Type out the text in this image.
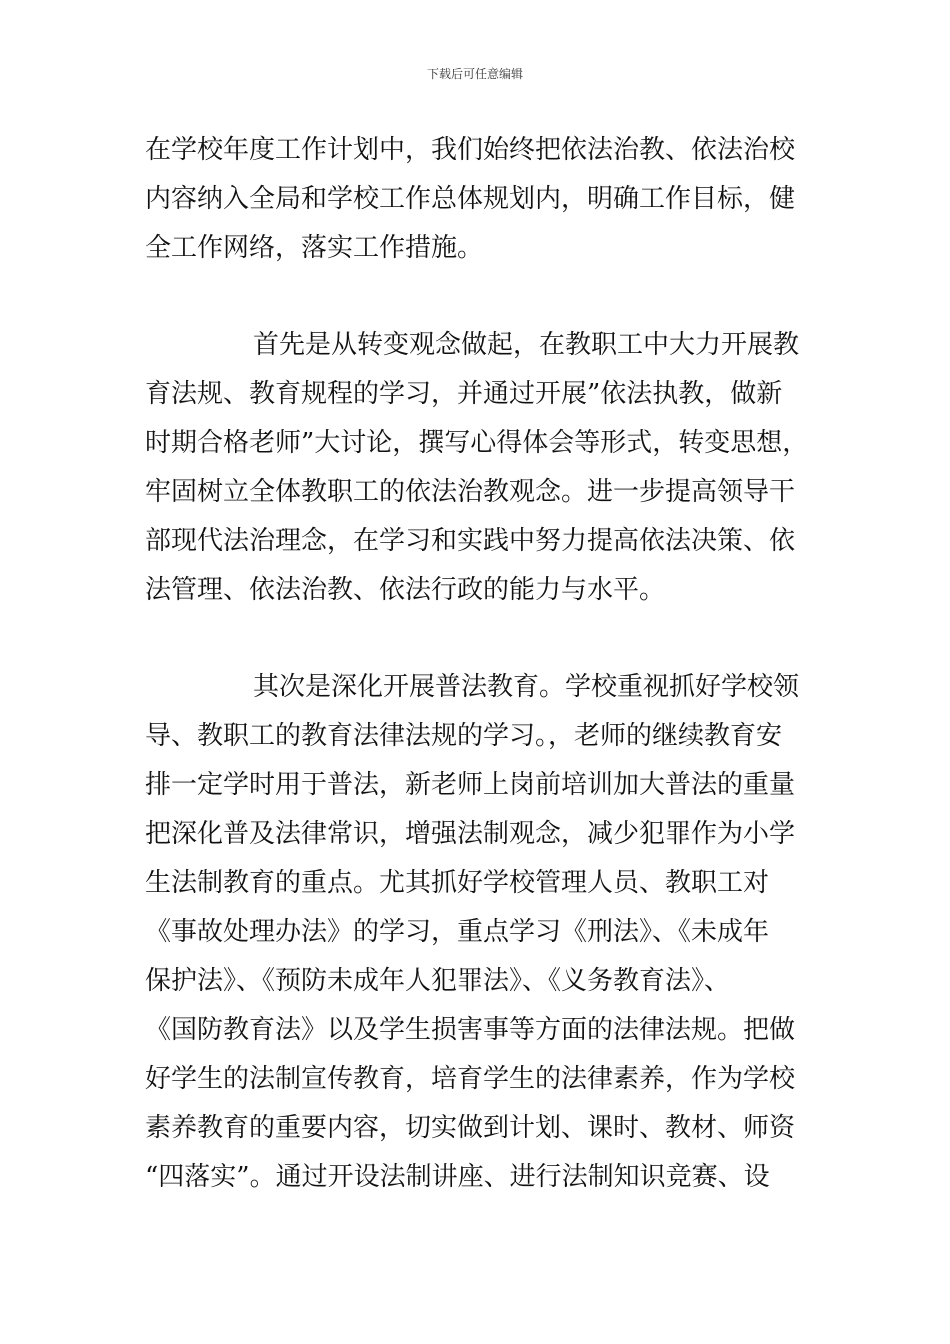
下载后可任意编辑
在学校年度工作计划中，我们始终把依法治教、依法治校
内容纳入全局和学校工作总体规划内，明确工作目标，健
全工作网络，落实工作措施。
首先是从转变观念做起，在教职工中大力开展教
育法规、教育规程的学习，并通过开展”依法执教，做新
时期合格老师”大讨论，撰写心得体会等形式，转变思想，
牢固树立全体教职工的依法治教观念。进一步提高领导干
部现代法治理念，在学习和实践中努力提高依法决策、依
法管理、依法治教、依法行政的能力与水平。
其次是深化开展普法教育。学校重视抓好学校领
导、教职工的教育法律法规的学习。，老师的继续教育安
排一定学时用于普法，新老师上岗前培训加大普法的重量
把深化普及法律常识，增强法制观念，减少犯罪作为小学
生法制教育的重点。尤其抓好学校管理人员、教职工对
《事故处理办法》的学习，重点学习《刑法》、《未成年
保护法》、《预防未成年人犯罪法》、《义务教育法》、
《国防教育法》以及学生损害事等方面的法律法规。把做
好学生的法制宣传教育，培育学生的法律素养，作为学校
素养教育的重要内容，切实做到计划、课时、教材、师资
“四落实”。通过开设法制讲座、进行法制知识竞赛、设
